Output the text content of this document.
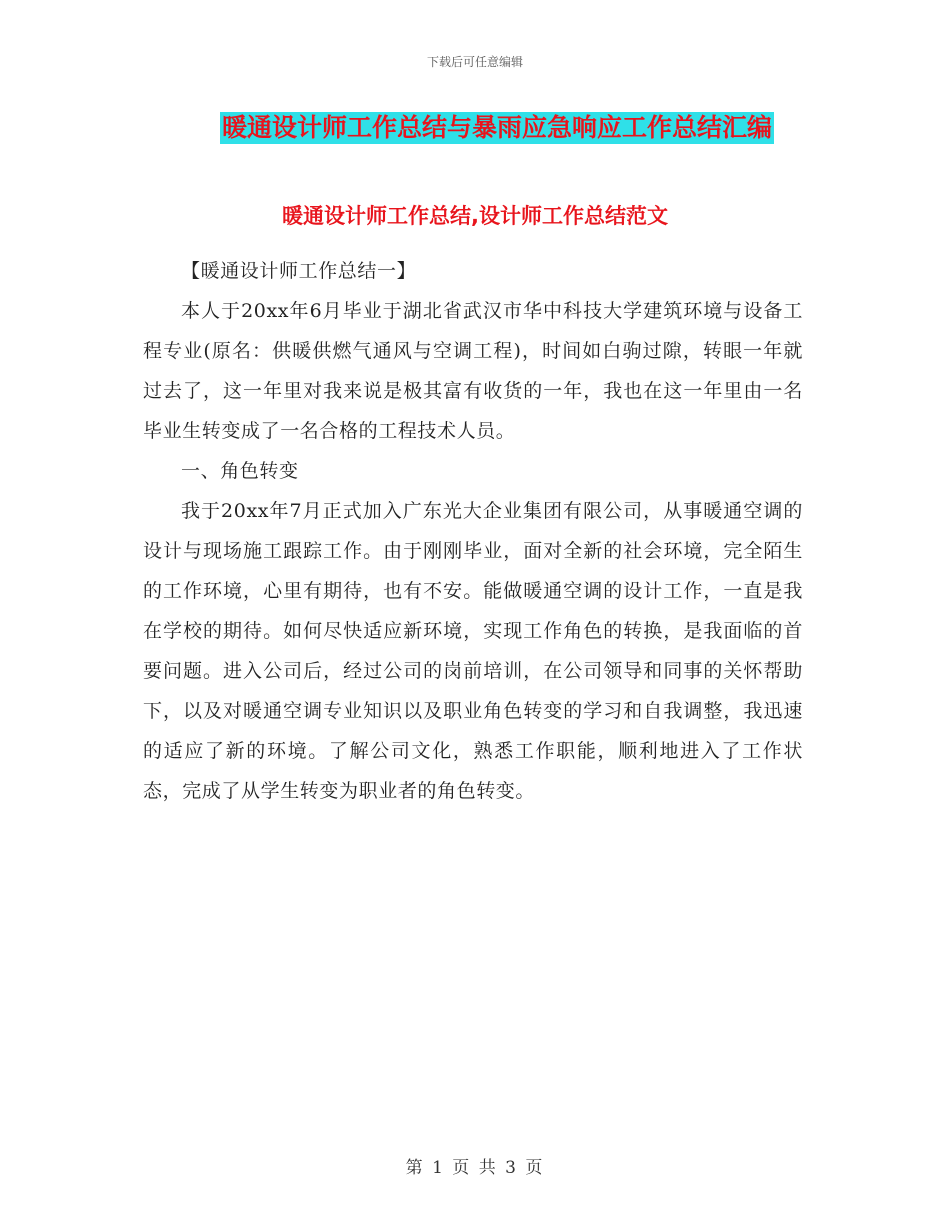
下载后可任意编辑
暖通设计师工作总结与暴雨应急响应工作总结汇编
暖通设计师工作总结,设计师工作总结范文

【暖通设计师工作总结一】

本人于20xx年6月毕业于湖北省武汉市华中科技大学建筑环境与设备工程专业(原名：供暖供燃气通风与空调工程)，时间如白驹过隙，转眼一年就过去了，这一年里对我来说是极其富有收货的一年，我也在这一年里由一名毕业生转变成了一名合格的工程技术人员。

一、角色转变

我于20xx年7月正式加入广东光大企业集团有限公司，从事暖通空调的设计与现场施工跟踪工作。由于刚刚毕业，面对全新的社会环境，完全陌生的工作环境，心里有期待，也有不安。能做暖通空调的设计工作，一直是我在学校的期待。如何尽快适应新环境，实现工作角色的转换，是我面临的首要问题。进入公司后，经过公司的岗前培训，在公司领导和同事的关怀帮助下，以及对暖通空调专业知识以及职业角色转变的学习和自我调整，我迅速的适应了新的环境。了解公司文化，熟悉工作职能，顺利地进入了工作状态，完成了从学生转变为职业者的角色转变。

第 1 页 共 3 页
